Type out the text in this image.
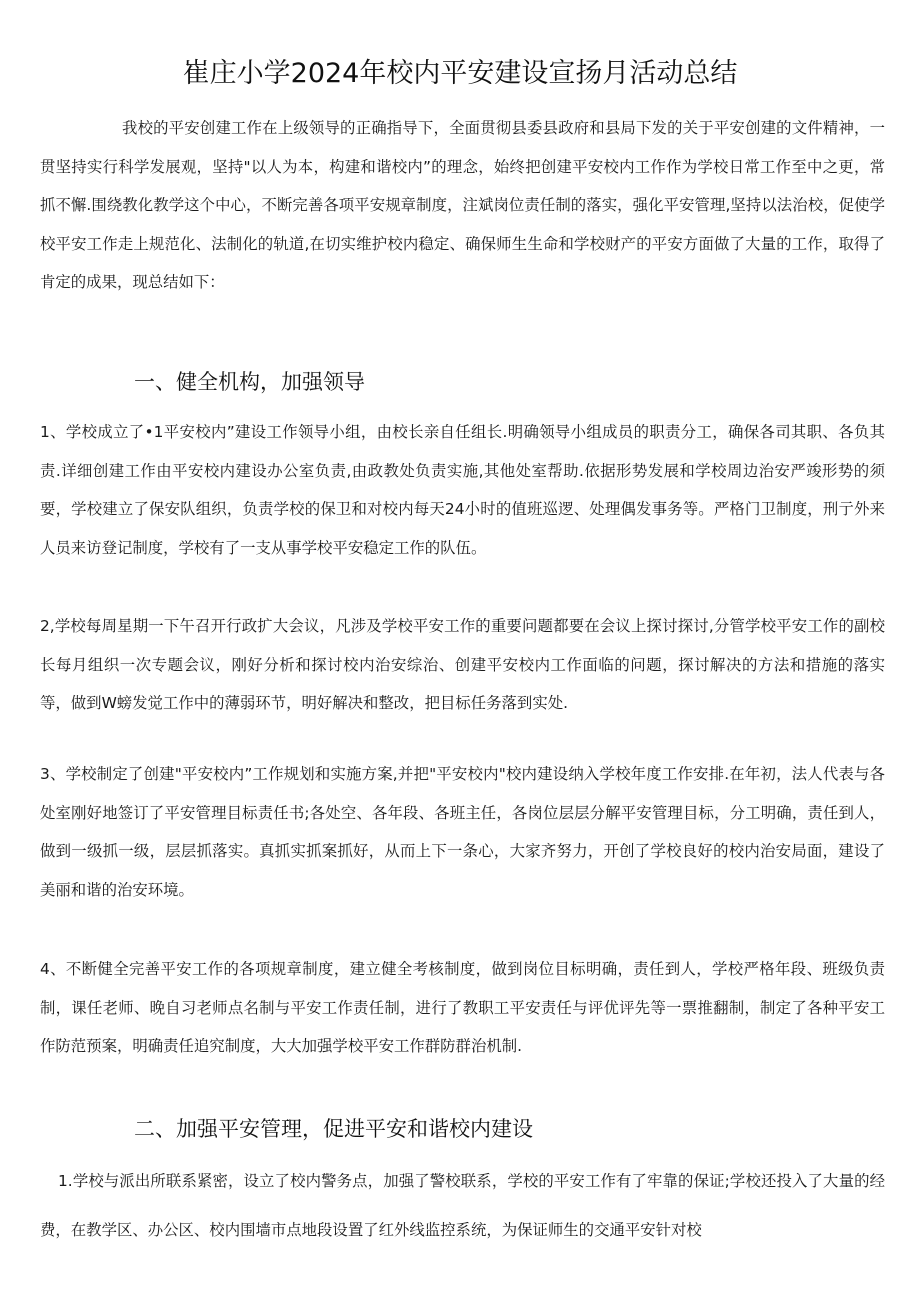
崔庄小学2024年校内平安建设宣扬月活动总结

我校的平安创建工作在上级领导的正确指导下，全面贯彻县委县政府和县局下发的关于平安创建的文件精神，一贯坚持实行科学发展观，坚持"以人为本，构建和谐校内”的理念，始终把创建平安校内工作作为学校日常工作至中之更，常抓不懈.围绕教化教学这个中心，不断完善各项平安规章制度，注斌岗位责任制的落实，强化平安管理,坚持以法治校，促使学校平安工作走上规范化、法制化的轨道,在切实维护校内稳定、确保师生生命和学校财产的平安方面做了大量的工作，取得了肯定的成果，现总结如下：

一、健全机构，加强领导

1、学校成立了•1平安校内”建设工作领导小组，由校长亲自任组长.明确领导小组成员的职责分工，确保各司其职、各负其责.详细创建工作由平安校内建设办公室负责,由政教处负责实施,其他处室帮助.依据形势发展和学校周边治安严竣形势的须要，学校建立了保安队组织，负责学校的保卫和对校内每天24小时的值班巡逻、处理偶发事务等。严格门卫制度，刑亍外来人员来访登记制度，学校有了一支从事学校平安稳定工作的队伍。

2,学校每周星期一下午召开行政扩大会议，凡涉及学校平安工作的重要问题都要在会议上探讨探讨,分管学校平安工作的副校长每月组织一次专题会议，刚好分析和探讨校内治安综治、创建平安校内工作面临的问题，探讨解决的方法和措施的落实等，做到W螃发觉工作中的薄弱环节，明好解决和整改，把目标任务落到实处.

3、学校制定了创建"平安校内”工作规划和实施方案,并把"平安校内"校内建设纳入学校年度工作安排.在年初，法人代表与各处室刚好地签订了平安管理目标责任书;各处空、各年段、各班主任，各岗位层层分解平安管理目标，分工明确，责任到人，做到一级抓一级，层层抓落实。真抓实抓案抓好，从而上下一条心，大家齐努力，开创了学校良好的校内治安局面，建设了美丽和谐的治安环境。

4、不断健全完善平安工作的各项规章制度，建立健全考核制度，做到岗位目标明确，责任到人，学校严格年段、班级负责制，课任老师、晚自习老师点名制与平安工作责任制，进行了教职工平安责任与评优评先等一票推翻制，制定了各种平安工作防范预案，明确责任追究制度，大大加强学校平安工作群防群治机制.

二、加强平安管理，促进平安和谐校内建设

1.学校与派出所联系紧密，设立了校内警务点，加强了警校联系，学校的平安工作有了牢靠的保证;学校还投入了大量的经费，在教学区、办公区、校内围墙市点地段设置了红外线监控系统，为保证师生的交通平安针对校
